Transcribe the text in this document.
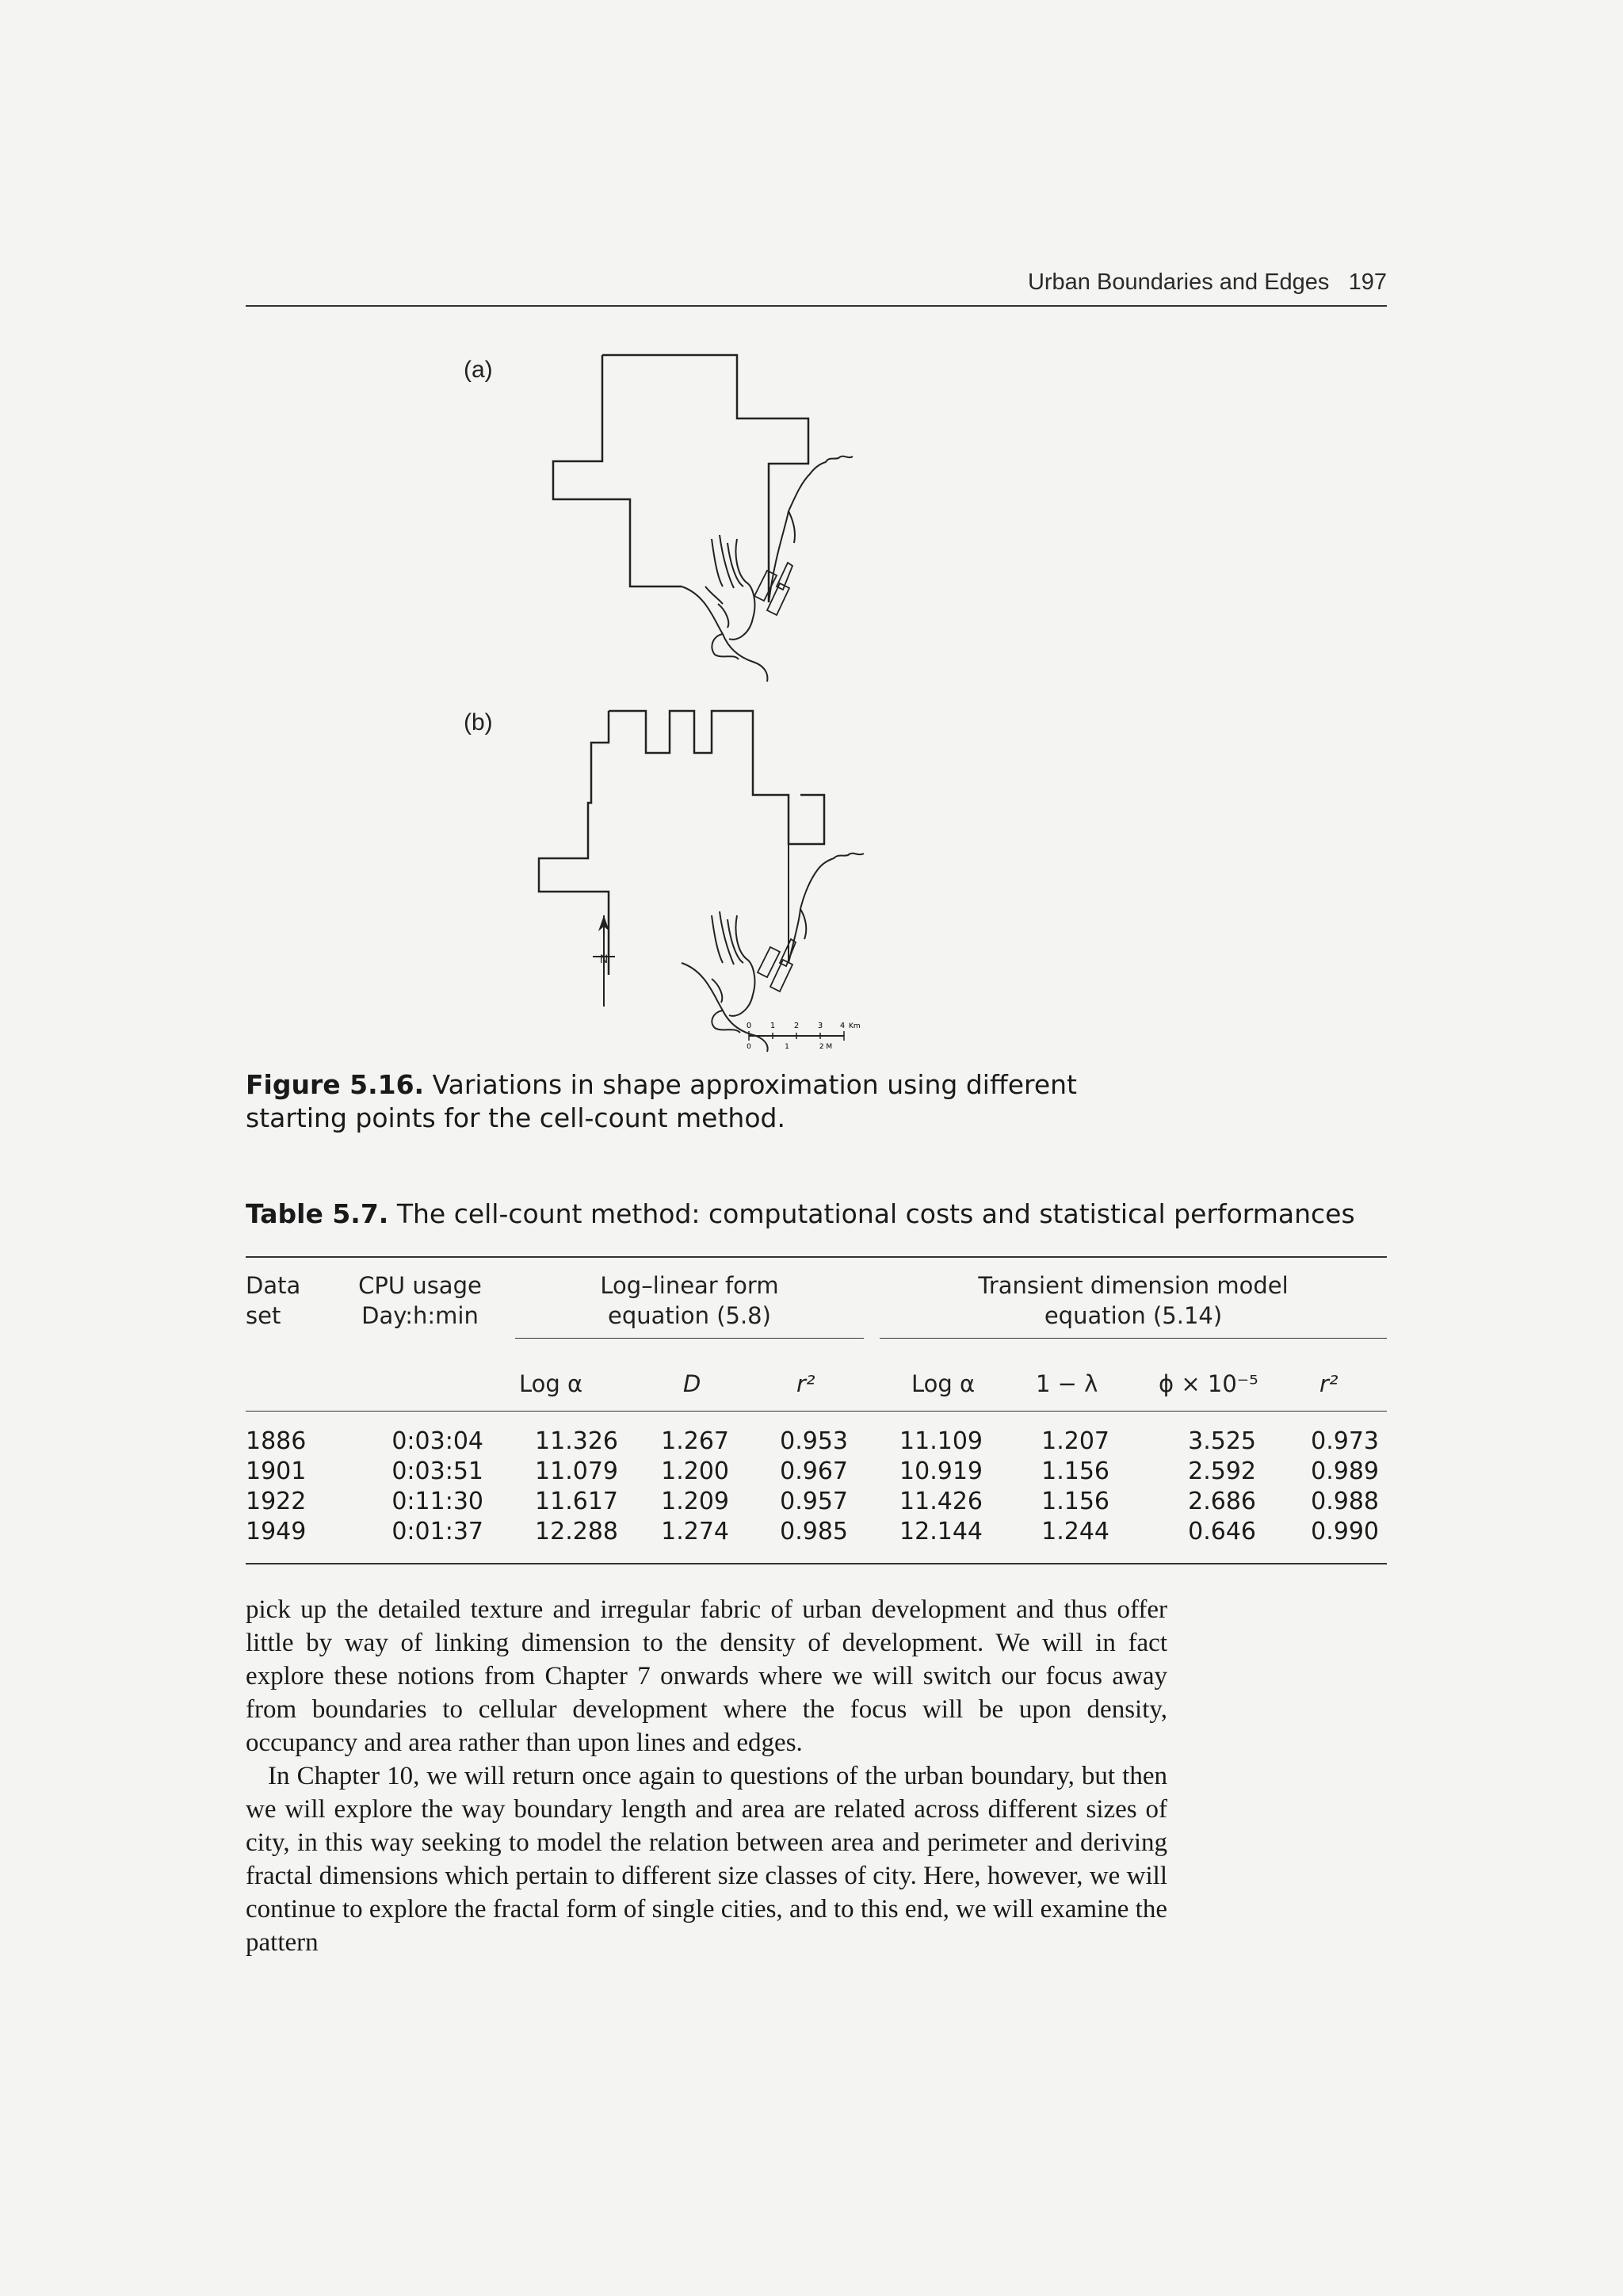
Urban Boundaries and Edges 197
(a)
(b)
N
0 1 2 3 4 Km
0	1	2 M
Figure 5.16. Variations in shape approximation using different starting points for the cell-count method.
Table 5.7. The cell-count method: computational costs and statistical performances
Data
set
CPU usage
Day:h:min
Log–linear form
equation (5.8)
Transient dimension model
equation (5.14)
Log α	D	r²	Log α	1 − λ	ϕ × 10⁻⁵	r²
1886	0:03:04	11.326	1.267	0.953	11.109	1.207	3.525	0.973
1901	0:03:51	11.079	1.200	0.967	10.919	1.156	2.592	0.989
1922	0:11:30	11.617	1.209	0.957	11.426	1.156	2.686	0.988
1949	0:01:37	12.288	1.274	0.985	12.144	1.244	0.646	0.990

pick up the detailed texture and irregular fabric of urban development and thus offer little by way of linking dimension to the density of development. We will in fact explore these notions from Chapter 7 onwards where we will switch our focus away from boundaries to cellular development where the focus will be upon density, occupancy and area rather than upon lines and edges.

In Chapter 10, we will return once again to questions of the urban boundary, but then we will explore the way boundary length and area are related across different sizes of city, in this way seeking to model the relation between area and perimeter and deriving fractal dimensions which pertain to different size classes of city. Here, however, we will continue to explore the fractal form of single cities, and to this end, we will examine the pattern
